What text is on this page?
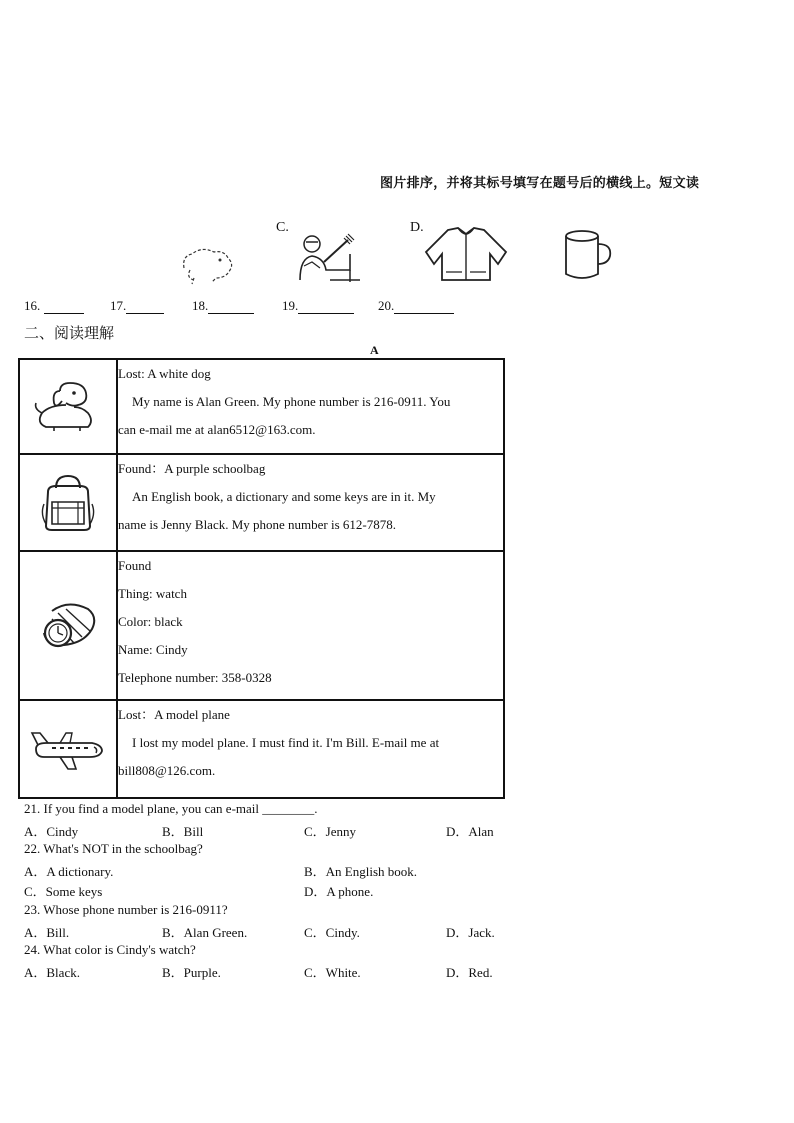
图片排序，并将其标号填写在题号后的横线上。短文读
C.	D.
16.	17.	18.	19.	20.
二、阅读理解
A

Lost: A white dog
My name is Alan Green. My phone number is 216-0911. You
can e-mail me at alan6512@163.com.

Found：A purple schoolbag
An English book, a dictionary and some keys are in it. My
name is Jenny Black. My phone number is 612-7878.

Found
Thing: watch
Color: black
Name: Cindy
Telephone number: 358-0328

Lost：A model plane
I lost my model plane. I must find it. I'm Bill. E-mail me at
bill808@126.com.
21. If you find a model plane, you can e-mail ________.
A．Cindy	B．Bill	C．Jenny	D．Alan
22. What's NOT in the schoolbag?
A．A dictionary.	B．An English book.
C．Some keys	D．A phone.
23. Whose phone number is 216-0911?
A．Bill.	B．Alan Green.	C．Cindy.	D．Jack.
24. What color is Cindy's watch?
A．Black.	B．Purple.	C．White.	D．Red.
